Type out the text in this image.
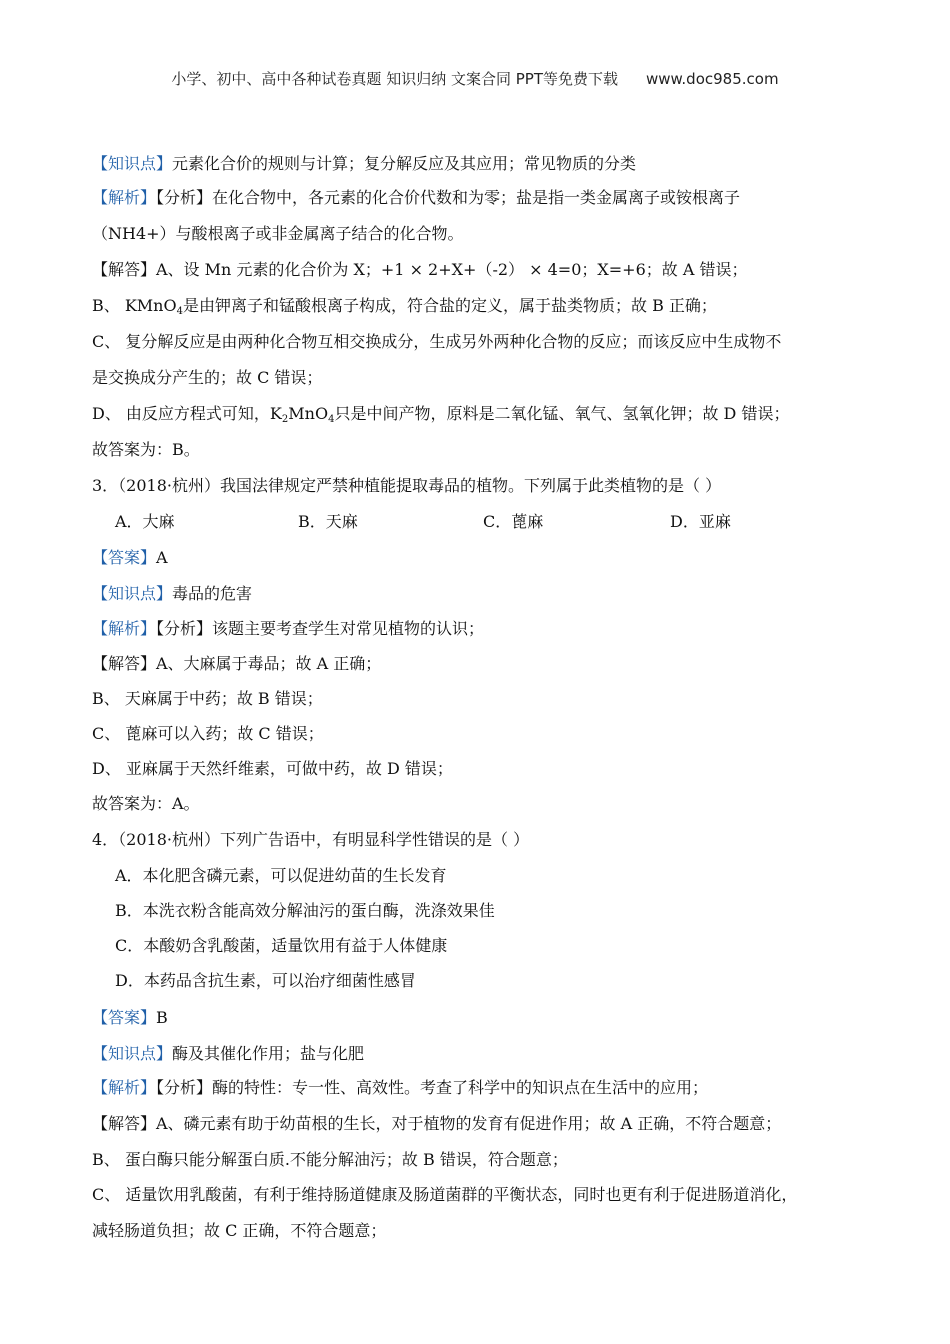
小学、初中、高中各种试卷真题 知识归纳 文案合同 PPT等免费下载 www.doc985.com
【知识点】元素化合价的规则与计算；复分解反应及其应用；常见物质的分类
【解析】【分析】在化合物中，各元素的化合价代数和为零；盐是指一类金属离子或铵根离子
（NH4+）与酸根离子或非金属离子结合的化合物。
【解答】A、设 Mn 元素的化合价为 X；+1 × 2+X+（-2） × 4=0；X=+6；故 A 错误；
B、 KMnO$_4$是由钾离子和锰酸根离子构成，符合盐的定义，属于盐类物质；故 B 正确；
C、 复分解反应是由两种化合物互相交换成分，生成另外两种化合物的反应；而该反应中生成物不
是交换成分产生的；故 C 错误；
D、 由反应方程式可知，$K_2MnO_4$只是中间产物，原料是二氧化锰、氧气、氢氧化钾；故 D 错误；
故答案为：B。
3．（2018·杭州）我国法律规定严禁种植能提取毒品的植物。下列属于此类植物的是（ ）
A．大麻	B．天麻	C．蓖麻	D．亚麻
【答案】A
【知识点】毒品的危害
【解析】【分析】该题主要考查学生对常见植物的认识；
【解答】A、大麻属于毒品；故 A 正确；
B、 天麻属于中药；故 B 错误；
C、 蓖麻可以入药；故 C 错误；
D、 亚麻属于天然纤维素，可做中药，故 D 错误；
故答案为：A。
4．（2018·杭州）下列广告语中，有明显科学性错误的是（ ）
A．本化肥含磷元素，可以促进幼苗的生长发育
B．本洗衣粉含能高效分解油污的蛋白酶，洗涤效果佳
C．本酸奶含乳酸菌，适量饮用有益于人体健康
D．本药品含抗生素，可以治疗细菌性感冒
【答案】B
【知识点】酶及其催化作用；盐与化肥
【解析】【分析】酶的特性：专一性、高效性。考查了科学中的知识点在生活中的应用；
【解答】A、磷元素有助于幼苗根的生长，对于植物的发育有促进作用；故 A 正确，不符合题意；
B、 蛋白酶只能分解蛋白质.不能分解油污；故 B 错误，符合题意；
C、 适量饮用乳酸菌，有利于维持肠道健康及肠道菌群的平衡状态，同时也更有利于促进肠道消化，
减轻肠道负担；故 C 正确，不符合题意；
